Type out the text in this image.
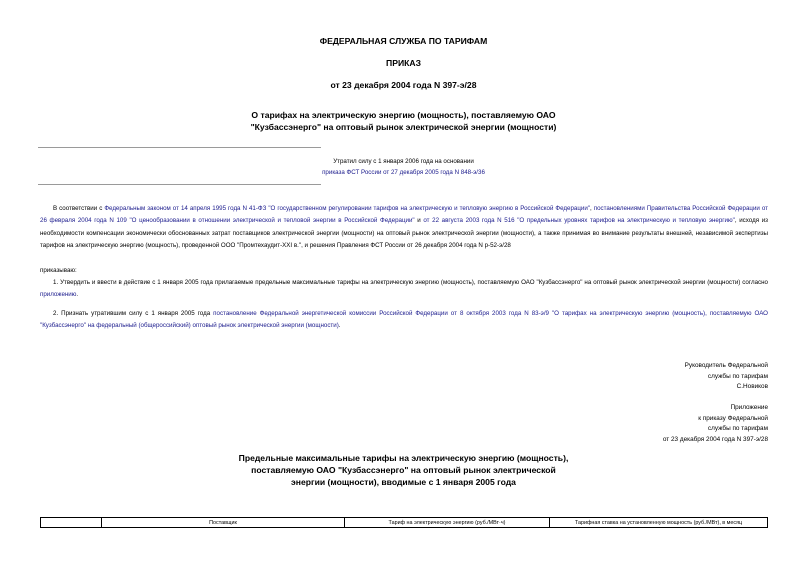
ФЕДЕРАЛЬНАЯ СЛУЖБА ПО ТАРИФАМ
ПРИКАЗ
от 23 декабря 2004 года N 397-э/28
О тарифах на электрическую энергию (мощность), поставляемую ОАО
"Кузбассэнерго" на оптовый рынок электрической энергии (мощности)
Утратил силу с 1 января 2006 года на основании
приказа ФСТ России от 27 декабря 2005 года N 848-э/36
В соответствии с Федеральным законом от 14 апреля 1995 года N 41-ФЗ "О государственном регулировании тарифов на электрическую и тепловую энергию в Российской Федерации", постановлениями Правительства Российской Федерации от 26 февраля 2004 года N 109 "О ценообразовании в отношении электрической и тепловой энергии в Российской Федерации" и от 22 августа 2003 года N 516 "О предельных уровнях тарифов на электрическую и тепловую энергию", исходя из необходимости компенсации экономически обоснованных затрат поставщиков электрической энергии (мощности) на оптовый рынок электрической энергии (мощности), а также принимая во внимание результаты внешней, независимой экспертизы тарифов на электрическую энергию (мощность), проведенной ООО "Промтехаудит-XXI в.", и решения Правления ФСТ России от 26 декабря 2004 года N р-52-э/28
приказываю:
1. Утвердить и ввести в действие с 1 января 2005 года прилагаемые предельные максимальные тарифы на электрическую энергию (мощность), поставляемую ОАО "Кузбассэнерго" на оптовый рынок электрической энергии (мощности) согласно приложению.
2. Признать утратившим силу с 1 января 2005 года постановление Федеральной энергетической комиссии Российской Федерации от 8 октября 2003 года N 83-э/9 "О тарифах на электрическую энергию (мощность), поставляемую ОАО "Кузбассэнерго" на федеральный (общероссийский) оптовый рынок электрической энергии (мощности).
Руководитель Федеральной
службы по тарифам
С.Новиков
Приложение
к приказу Федеральной
службы по тарифам
от 23 декабря 2004 года N 397-э/28
Предельные максимальные тарифы на электрическую энергию (мощность),
поставляемую ОАО "Кузбассэнерго" на оптовый рынок электрической
энергии (мощности), вводимые с 1 января 2005 года
	Поставщик	Тариф на электрическую энергию (руб./МВт·ч)	Тарифная ставка на установленную мощность (руб./МВт), в месяц
